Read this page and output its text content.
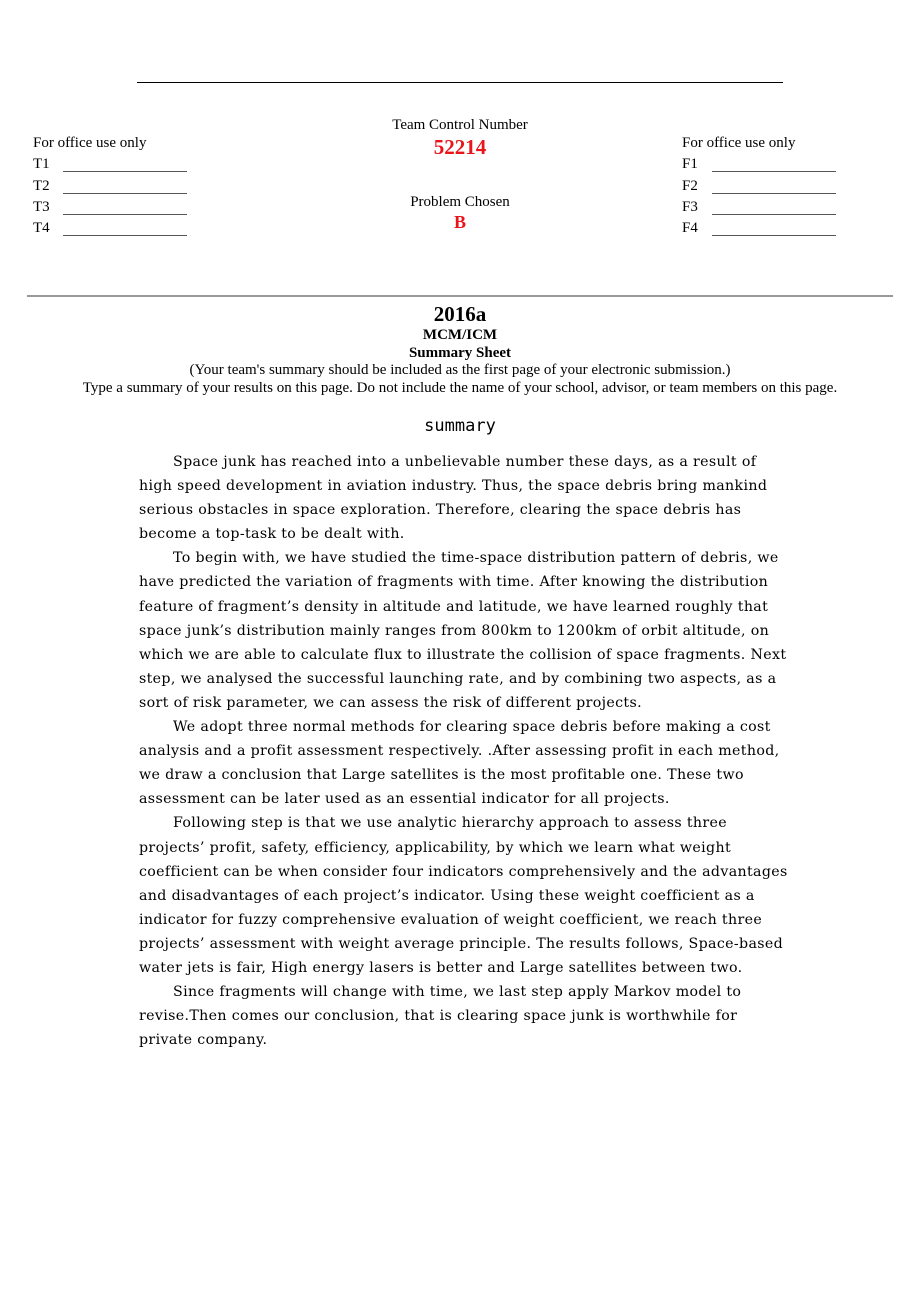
For office use only
T1
T2
T3
T4
Team Control Number
52214
Problem Chosen
B
For office use only
F1
F2
F3
F4
2016a
MCM/ICM
Summary Sheet
(Your team's summary should be included as the first page of your electronic submission.)
Type a summary of your results on this page. Do not include the name of your school, advisor, or team members on this page.
summary

Space junk has reached into a unbelievable number these days, as a result of high speed development in aviation industry. Thus, the space debris bring mankind serious obstacles in space exploration. Therefore, clearing the space debris has become a top-task to be dealt with.

To begin with, we have studied the time-space distribution pattern of debris, we have predicted the variation of fragments with time. After knowing the distribution feature of fragment’s density in altitude and latitude, we have learned roughly that space junk’s distribution mainly ranges from 800km to 1200km of orbit altitude, on which we are able to calculate flux to illustrate the collision of space fragments. Next step, we analysed the successful launching rate, and by combining two aspects, as a sort of risk parameter, we can assess the risk of different projects.

We adopt three normal methods for clearing space debris before making a cost analysis and a profit assessment respectively. .After assessing profit in each method, we draw a conclusion that Large satellites is the most profitable one. These two assessment can be later used as an essential indicator for all projects.

Following step is that we use analytic hierarchy approach to assess three projects’ profit, safety, efficiency, applicability, by which we learn what weight coefficient can be when consider four indicators comprehensively and the advantages and disadvantages of each project’s indicator. Using these weight coefficient as a indicator for fuzzy comprehensive evaluation of weight coefficient, we reach three projects’ assessment with weight average principle. The results follows, Space-based water jets is fair, High energy lasers is better and Large satellites between two.

Since fragments will change with time, we last step apply Markov model to revise.Then comes our conclusion, that is clearing space junk is worthwhile for private company.
